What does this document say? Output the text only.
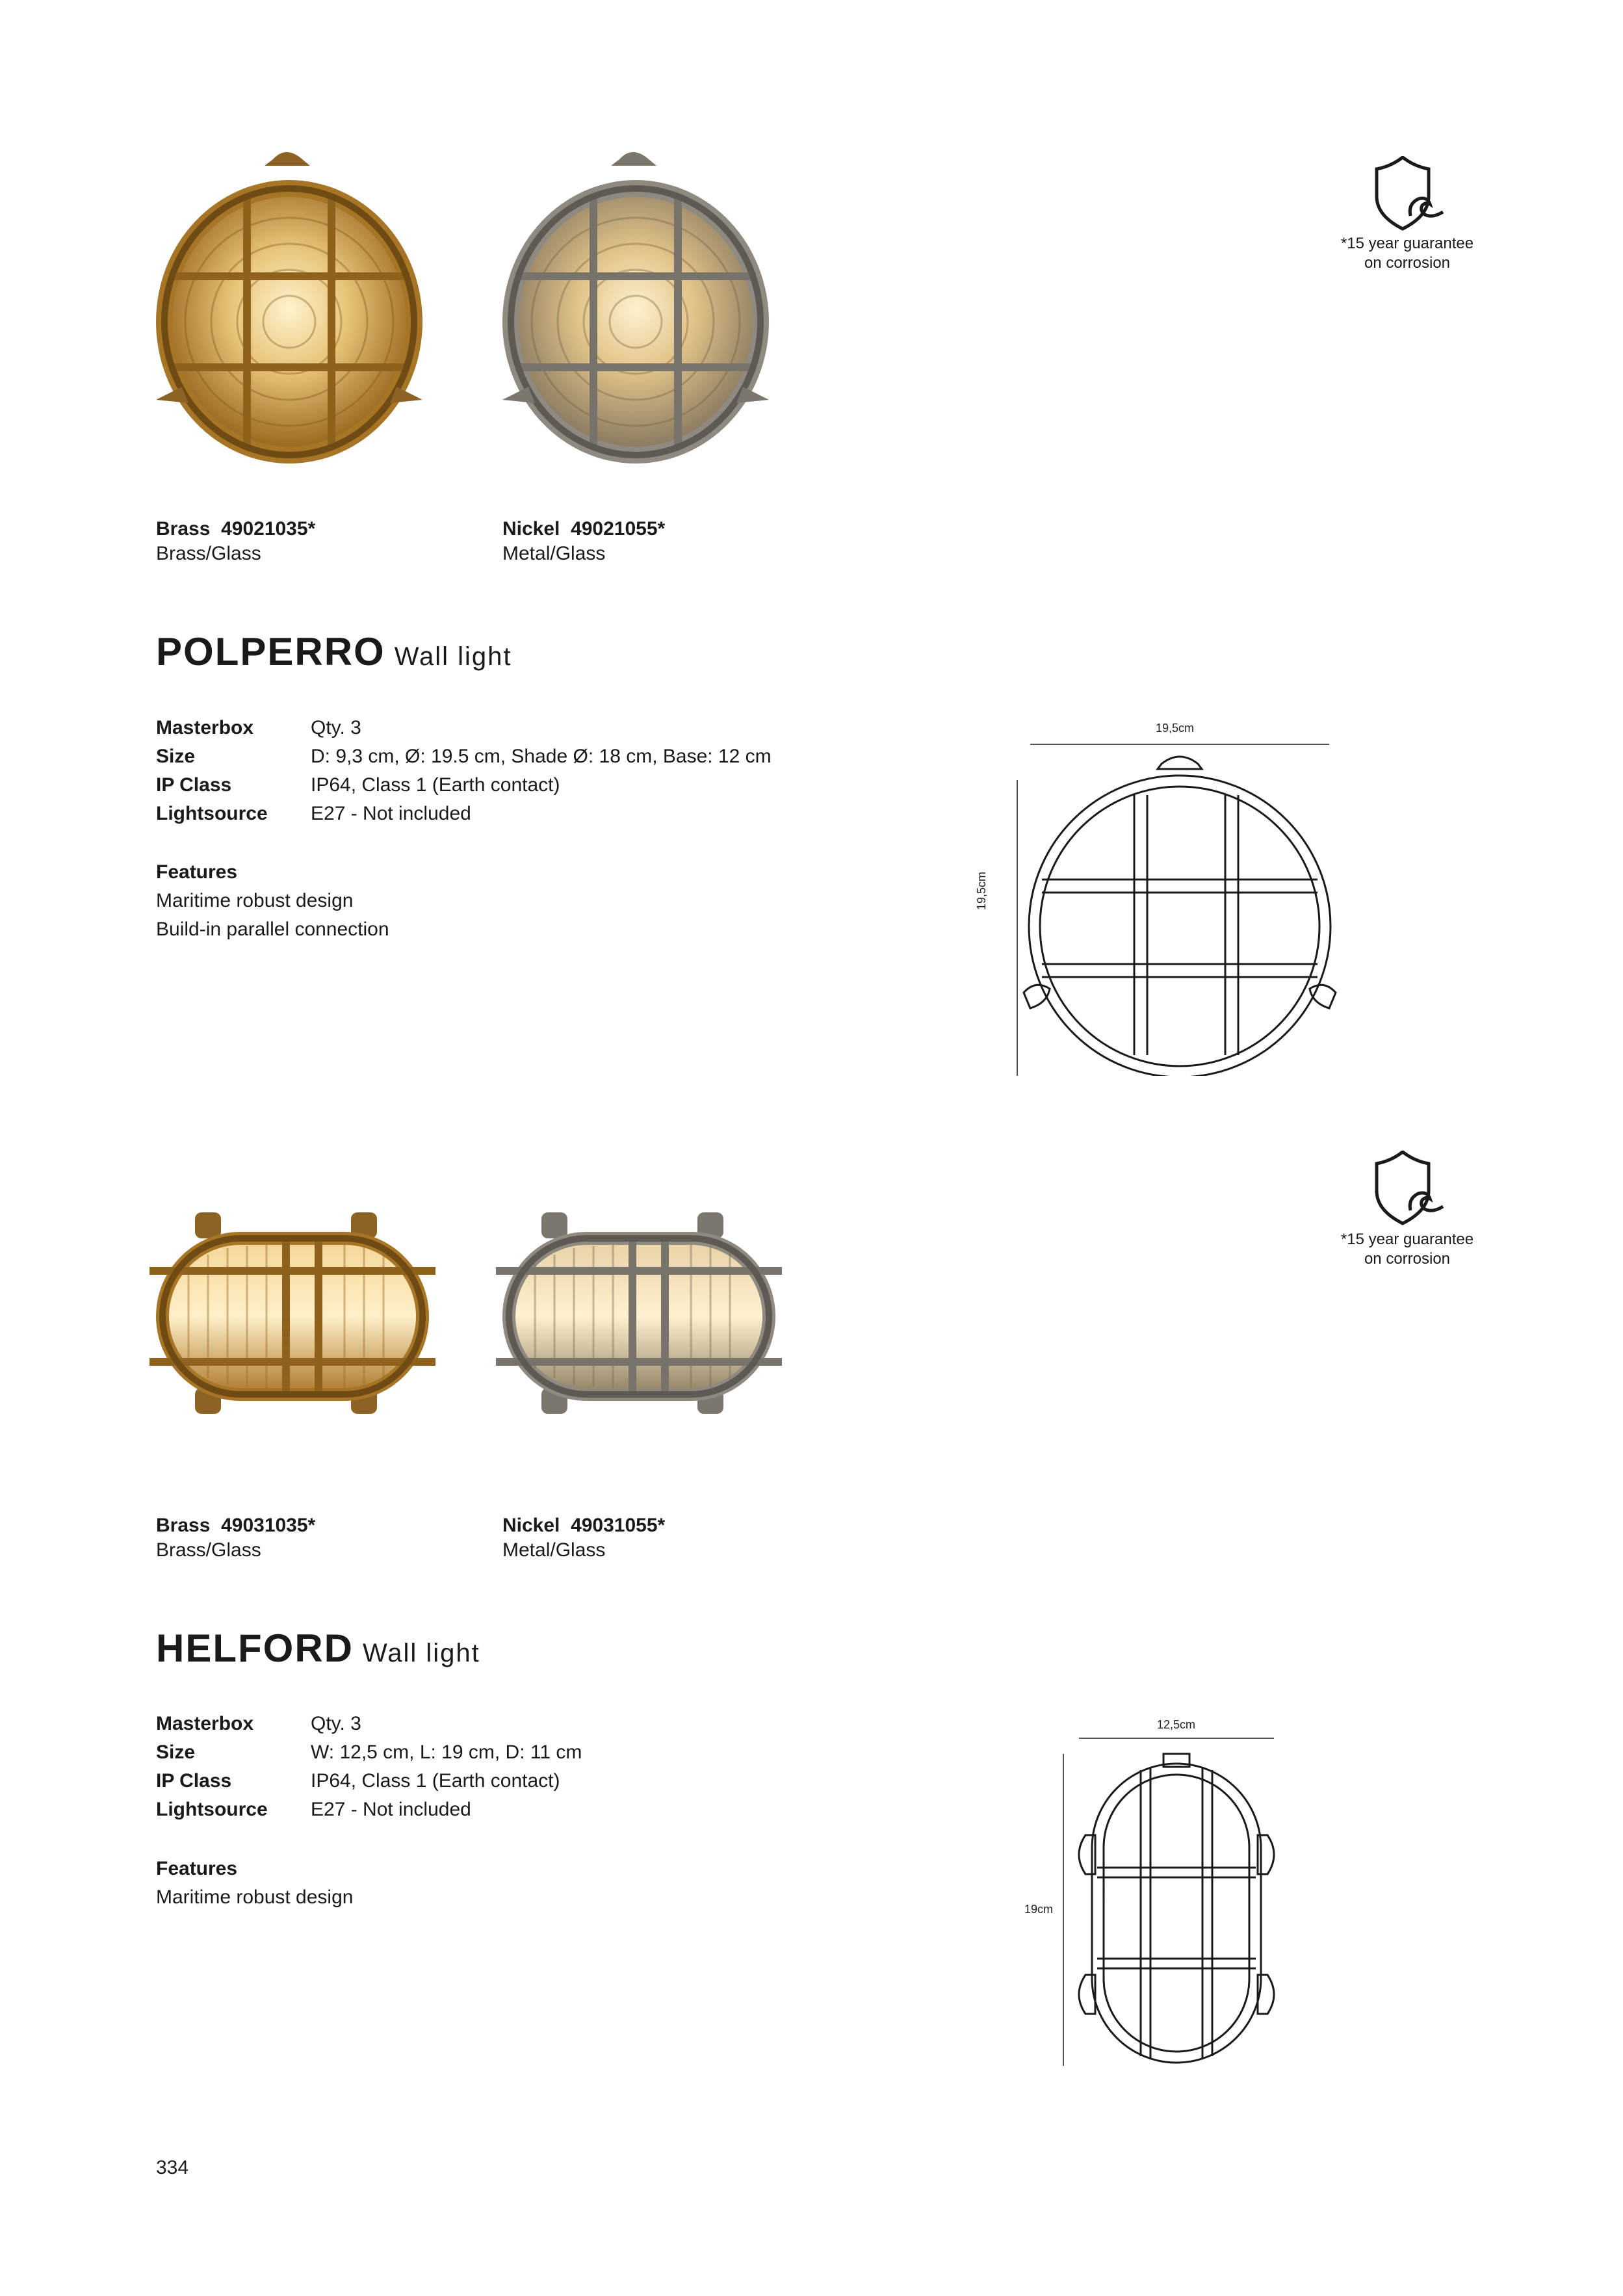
*15 year guarantee
on corrosion
Brass 49021035*
Brass/Glass
Nickel 49021055*
Metal/Glass
POLPERRO Wall light
Masterbox	Qty. 3
Size	D: 9,3 cm, Ø: 19.5 cm, Shade Ø: 18 cm, Base: 12 cm
IP Class	IP64, Class 1 (Earth contact)
Lightsource	E27 - Not included
Features
Maritime robust design
Build-in parallel connection
19,5cm
19,5cm
*15 year guarantee
on corrosion
Brass 49031035*
Brass/Glass
Nickel 49031055*
Metal/Glass
HELFORD Wall light
Masterbox	Qty. 3
Size	W: 12,5 cm, L: 19 cm, D: 11 cm
IP Class	IP64, Class 1 (Earth contact)
Lightsource	E27 - Not included
Features
Maritime robust design
12,5cm
19cm
334
